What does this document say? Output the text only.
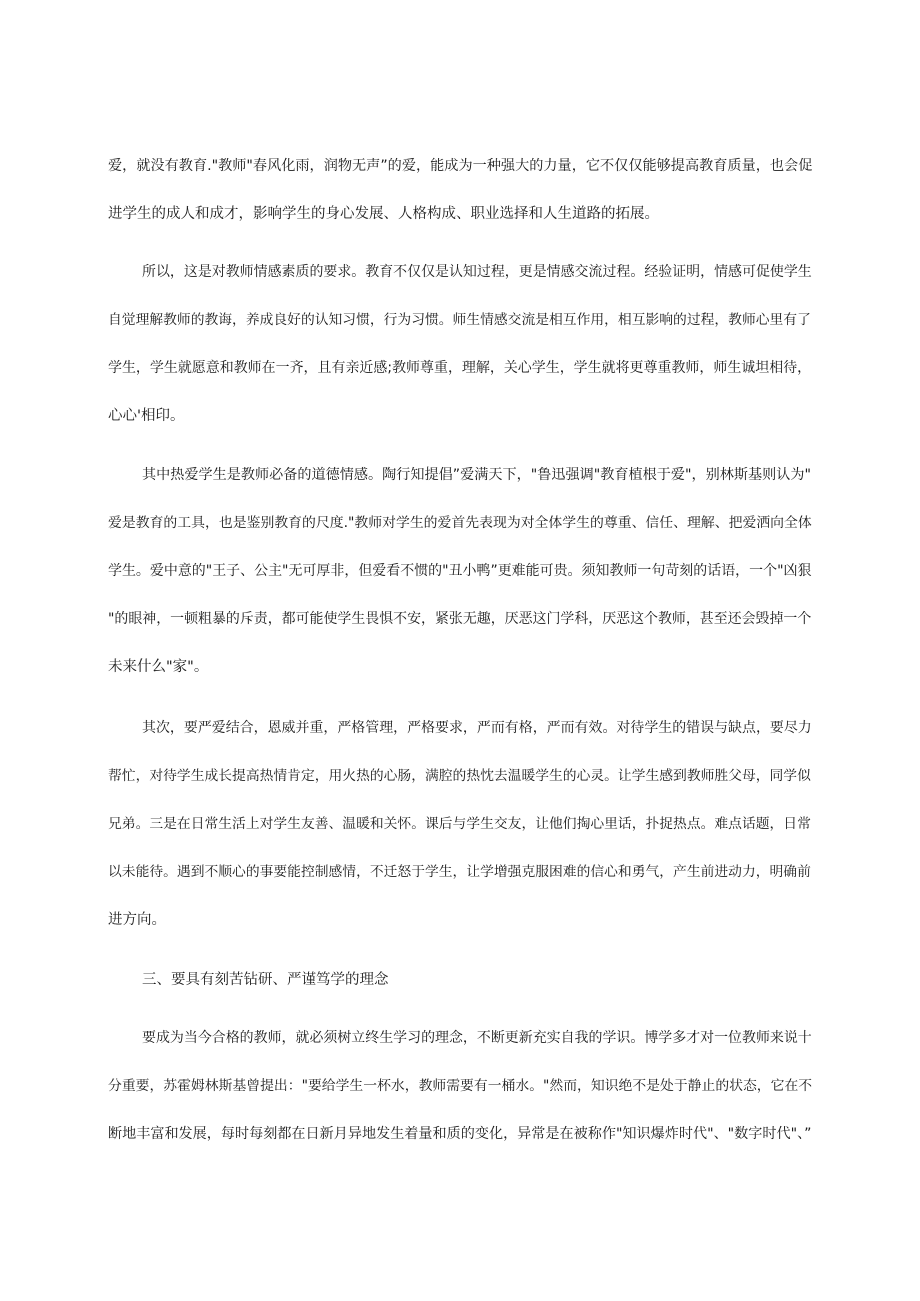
爱，就没有教育."教师"春风化雨，润物无声”的爱，能成为一种强大的力量，它不仅仅能够提高教育质量，也会促
进学生的成人和成才，影响学生的身心发展、人格构成、职业选择和人生道路的拓展。
所以，这是对教师情感素质的要求。教育不仅仅是认知过程，更是情感交流过程。经验证明，情感可促使学生
自觉理解教师的教诲，养成良好的认知习惯，行为习惯。师生情感交流是相互作用，相互影响的过程，教师心里有了
学生，学生就愿意和教师在一齐，且有亲近感;教师尊重，理解，关心学生，学生就将更尊重教师，师生诚坦相待，
心心'相印。
其中热爱学生是教师必备的道德情感。陶行知提倡”爱满天下，"鲁迅强调"教育植根于爱"，别林斯基则认为"
爱是教育的工具，也是鉴别教育的尺度."教师对学生的爱首先表现为对全体学生的尊重、信任、理解、把爱洒向全体
学生。爱中意的"王子、公主"无可厚非，但爱看不惯的"丑小鸭”更难能可贵。须知教师一句苛刻的话语，一个"凶狠
"的眼神，一顿粗暴的斥责，都可能使学生畏惧不安，紧张无趣，厌恶这门学科，厌恶这个教师，甚至还会毁掉一个
未来什么"家"。
其次，要严爱结合，恩威并重，严格管理，严格要求，严而有格，严而有效。对待学生的错误与缺点，要尽力
帮忙，对待学生成长提高热情肯定，用火热的心肠，满腔的热忱去温暖学生的心灵。让学生感到教师胜父母，同学似
兄弟。三是在日常生活上对学生友善、温暖和关怀。课后与学生交友，让他们掏心里话，扑捉热点。难点话题，日常
以未能待。遇到不顺心的事要能控制感情，不迁怒于学生，让学增强克服困难的信心和勇气，产生前进动力，明确前
进方向。
三、要具有刻苦钻研、严谨笃学的理念
要成为当今合格的教师，就必须树立终生学习的理念，不断更新充实自我的学识。博学多才对一位教师来说十
分重要，苏霍姆林斯基曾提出："要给学生一杯水，教师需要有一桶水。"然而，知识绝不是处于静止的状态，它在不
断地丰富和发展，每时每刻都在日新月异地发生着量和质的变化，异常是在被称作"知识爆炸时代"、"数字时代"、”
